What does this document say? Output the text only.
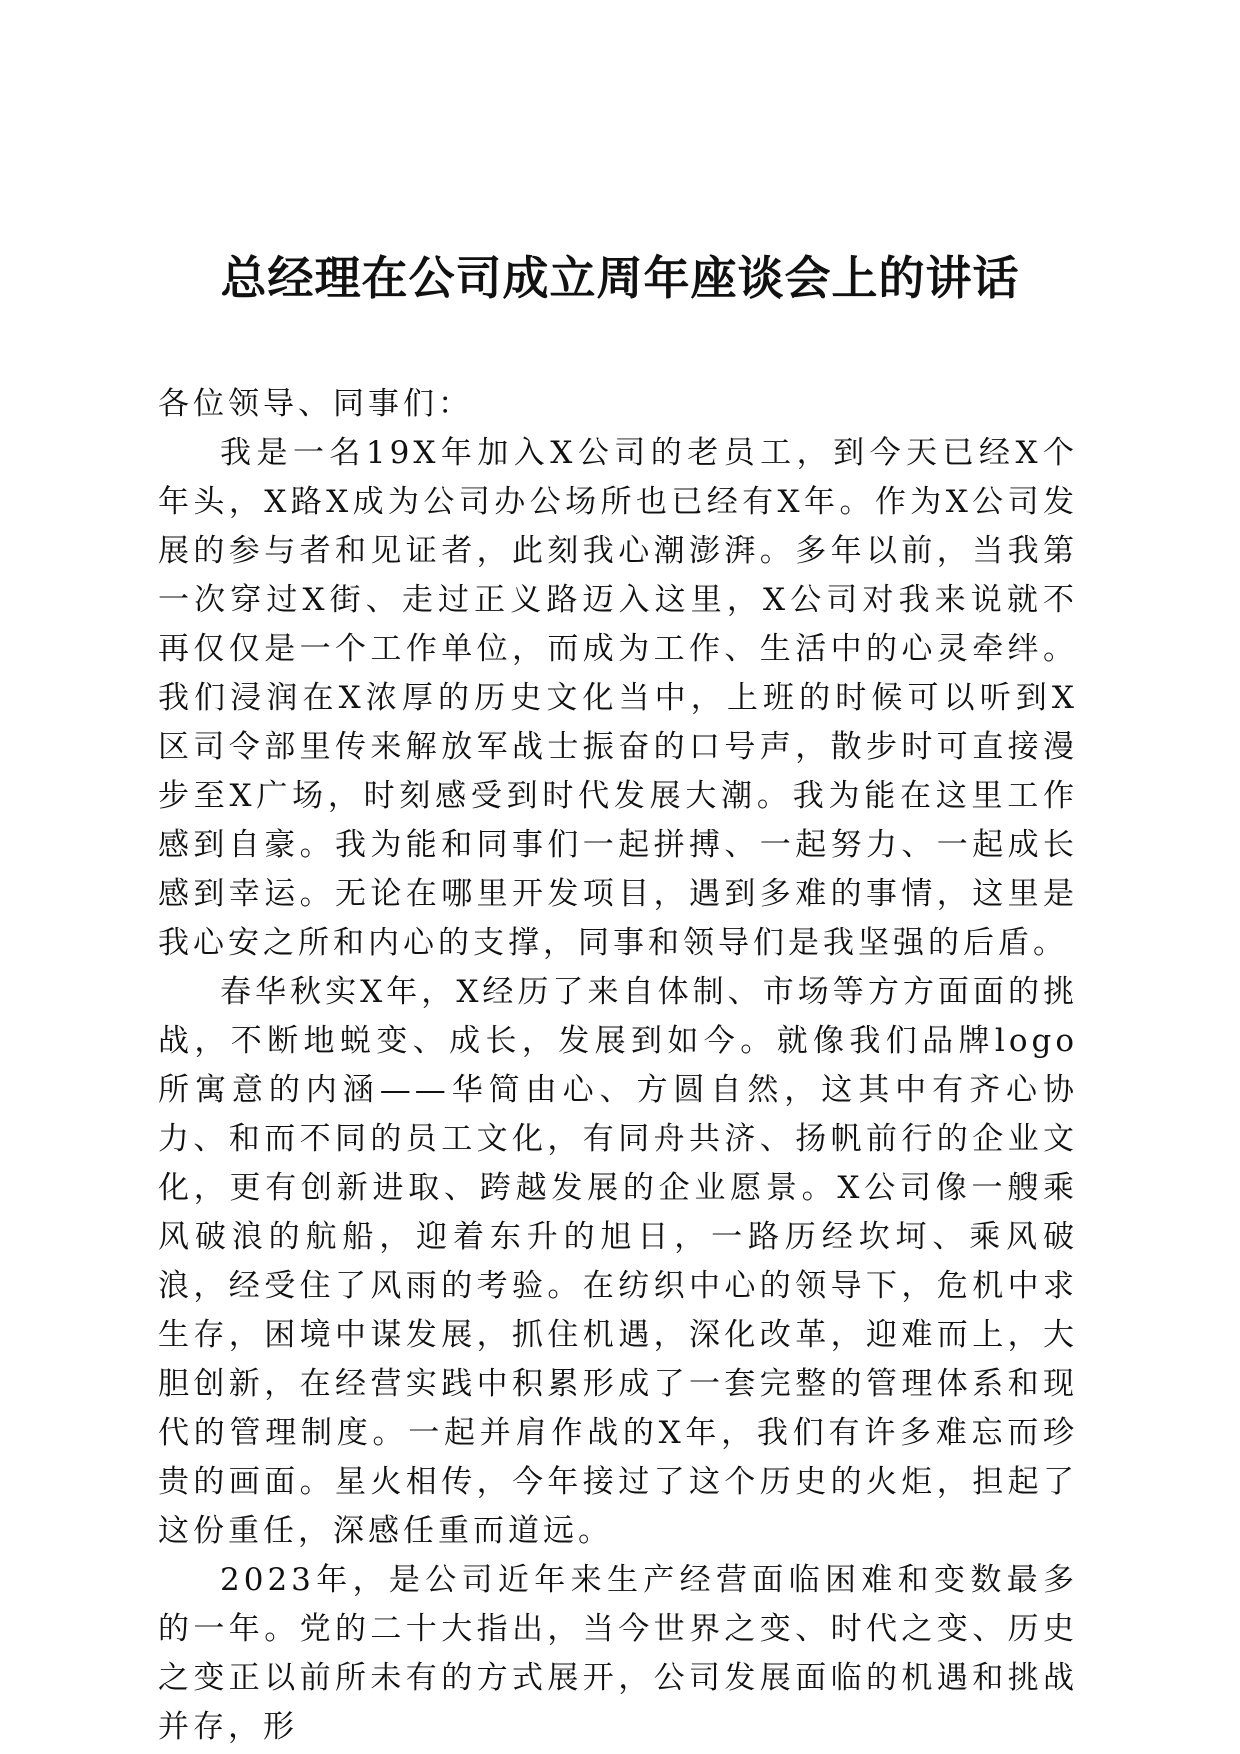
总经理在公司成立周年座谈会上的讲话

各位领导、同事们：

我是一名19X年加入X公司的老员工，到今天已经X个年头，X路X成为公司办公场所也已经有X年。作为X公司发展的参与者和见证者，此刻我心潮澎湃。多年以前，当我第一次穿过X街、走过正义路迈入这里，X公司对我来说就不再仅仅是一个工作单位，而成为工作、生活中的心灵牵绊。我们浸润在X浓厚的历史文化当中，上班的时候可以听到X区司令部里传来解放军战士振奋的口号声，散步时可直接漫步至X广场，时刻感受到时代发展大潮。我为能在这里工作感到自豪。我为能和同事们一起拼搏、一起努力、一起成长感到幸运。无论在哪里开发项目，遇到多难的事情，这里是我心安之所和内心的支撑，同事和领导们是我坚强的后盾。

春华秋实X年，X经历了来自体制、市场等方方面面的挑战，不断地蜕变、成长，发展到如今。就像我们品牌logo所寓意的内涵——华简由心、方圆自然，这其中有齐心协力、和而不同的员工文化，有同舟共济、扬帆前行的企业文化，更有创新进取、跨越发展的企业愿景。X公司像一艘乘风破浪的航船，迎着东升的旭日，一路历经坎坷、乘风破浪，经受住了风雨的考验。在纺织中心的领导下，危机中求生存，困境中谋发展，抓住机遇，深化改革，迎难而上，大胆创新，在经营实践中积累形成了一套完整的管理体系和现代的管理制度。一起并肩作战的X年，我们有许多难忘而珍贵的画面。星火相传，今年接过了这个历史的火炬，担起了这份重任，深感任重而道远。

2023年，是公司近年来生产经营面临困难和变数最多的一年。党的二十大指出，当今世界之变、时代之变、历史之变正以前所未有的方式展开，公司发展面临的机遇和挑战并存，形
